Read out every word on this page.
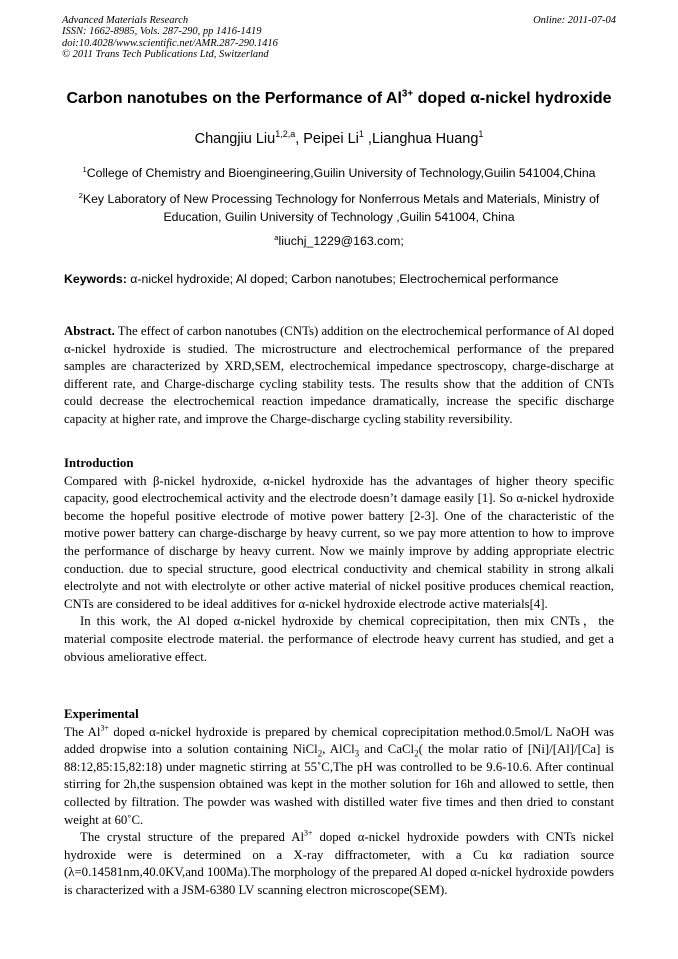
Advanced Materials Research
ISSN: 1662-8985, Vols. 287-290, pp 1416-1419
doi:10.4028/www.scientific.net/AMR.287-290.1416
© 2011 Trans Tech Publications Ltd, Switzerland
Online: 2011-07-04
Carbon nanotubes on the Performance of $Al^{3+}$ doped α-nickel hydroxide
Changjiu Liu$^{1,2,a}$, Peipei Li$^1$ ,Lianghua Huang$^1$
$^1$College of Chemistry and Bioengineering,Guilin University of Technology,Guilin 541004,China
$^2$Key Laboratory of New Processing Technology for Nonferrous Metals and Materials, Ministry of Education, Guilin University of Technology ,Guilin 541004, China
$^a$liuchj_1229@163.com;
Keywords: α-nickel hydroxide; Al doped; Carbon nanotubes; Electrochemical performance

Abstract. The effect of carbon nanotubes (CNTs) addition on the electrochemical performance of Al doped α-nickel hydroxide is studied. The microstructure and electrochemical performance of the prepared samples are characterized by XRD,SEM, electrochemical impedance spectroscopy, charge-discharge at different rate, and Charge-discharge cycling stability tests. The results show that the addition of CNTs could decrease the electrochemical reaction impedance dramatically, increase the specific discharge capacity at higher rate, and improve the Charge-discharge cycling stability reversibility.

Introduction

Compared with β-nickel hydroxide, α-nickel hydroxide has the advantages of higher theory specific capacity, good electrochemical activity and the electrode doesn’t damage easily [1]. So α-nickel hydroxide become the hopeful positive electrode of motive power battery [2-3]. One of the characteristic of the motive power battery can charge-discharge by heavy current, so we pay more attention to how to improve the performance of discharge by heavy current. Now we mainly improve by adding appropriate electric conduction. due to special structure, good electrical conductivity and chemical stability in strong alkali electrolyte and not with electrolyte or other active material of nickel positive produces chemical reaction, CNTs are considered to be ideal additives for α-nickel hydroxide electrode active materials[4].

In this work, the Al doped α-nickel hydroxide by chemical coprecipitation, then mix CNTs，the material composite electrode material. the performance of electrode heavy current has studied, and get a obvious ameliorative effect.

Experimental

The $Al^{3+}$ doped α-nickel hydroxide is prepared by chemical coprecipitation method.0.5mol/L NaOH was added dropwise into a solution containing NiCl$_2$, AlCl$_3$ and CaCl$_2$( the molar ratio of [Ni]/[Al]/[Ca] is 88:12,85:15,82:18) under magnetic stirring at 55˚C,The pH was controlled to be 9.6-10.6. After continual stirring for 2h,the suspension obtained was kept in the mother solution for 16h and allowed to settle, then collected by filtration. The powder was washed with distilled water five times and then dried to constant weight at 60˚C.

The crystal structure of the prepared $Al^{3+}$ doped α-nickel hydroxide powders with CNTs nickel hydroxide were is determined on a X-ray diffractometer, with a Cu kα radiation source (λ=0.14581nm,40.0KV,and 100Ma).The morphology of the prepared Al doped α-nickel hydroxide powders is characterized with a JSM-6380 LV scanning electron microscope(SEM).
